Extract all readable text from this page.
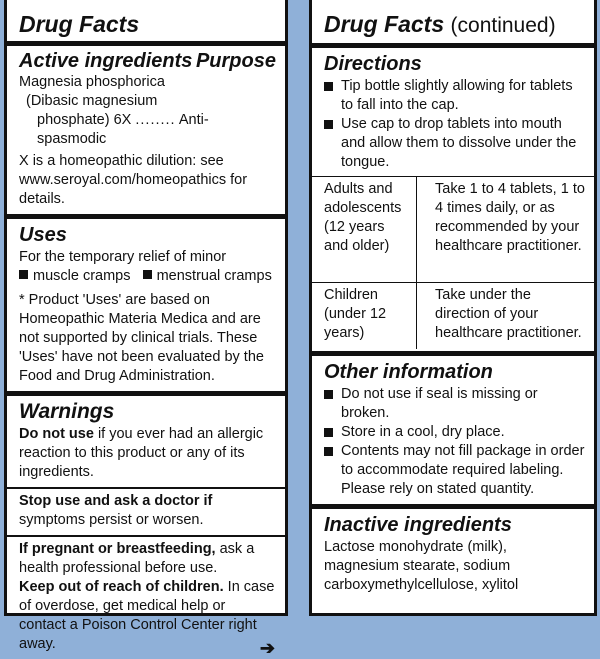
Drug Facts
Active ingredients Purpose
Magnesia phosphorica
(Dibasic magnesium
phosphate) 6X ........ Anti-spasmodic
X is a homeopathic dilution: see www.seroyal.com/homeopathics for details.
Uses
For the temporary relief of minor
muscle cramps menstrual cramps
* Product 'Uses' are based on Homeopathic Materia Medica and are not supported by clinical trials. These 'Uses' have not been evaluated by the Food and Drug Administration.
Warnings
Do not use if you ever had an allergic reaction to this product or any of its ingredients.
Stop use and ask a doctor if symptoms persist or worsen.
If pregnant or breastfeeding, ask a health professional before use.
Keep out of reach of children. In case of overdose, get medical help or contact a Poison Control Center right away.	➔
Drug Facts (continued)
Directions
Tip bottle slightly allowing for tablets to fall into the cap.
Use cap to drop tablets into mouth and allow them to dissolve under the tongue.
Adults and adolescents (12 years and older)
Take 1 to 4 tablets, 1 to 4 times daily, or as recommended by your healthcare practitioner.
Children (under 12 years)
Take under the direction of your healthcare practitioner.
Other information
Do not use if seal is missing or broken.
Store in a cool, dry place.
Contents may not fill package in order to accommodate required labeling. Please rely on stated quantity.
Inactive ingredients
Lactose monohydrate (milk), magnesium stearate, sodium carboxymethylcellulose, xylitol
